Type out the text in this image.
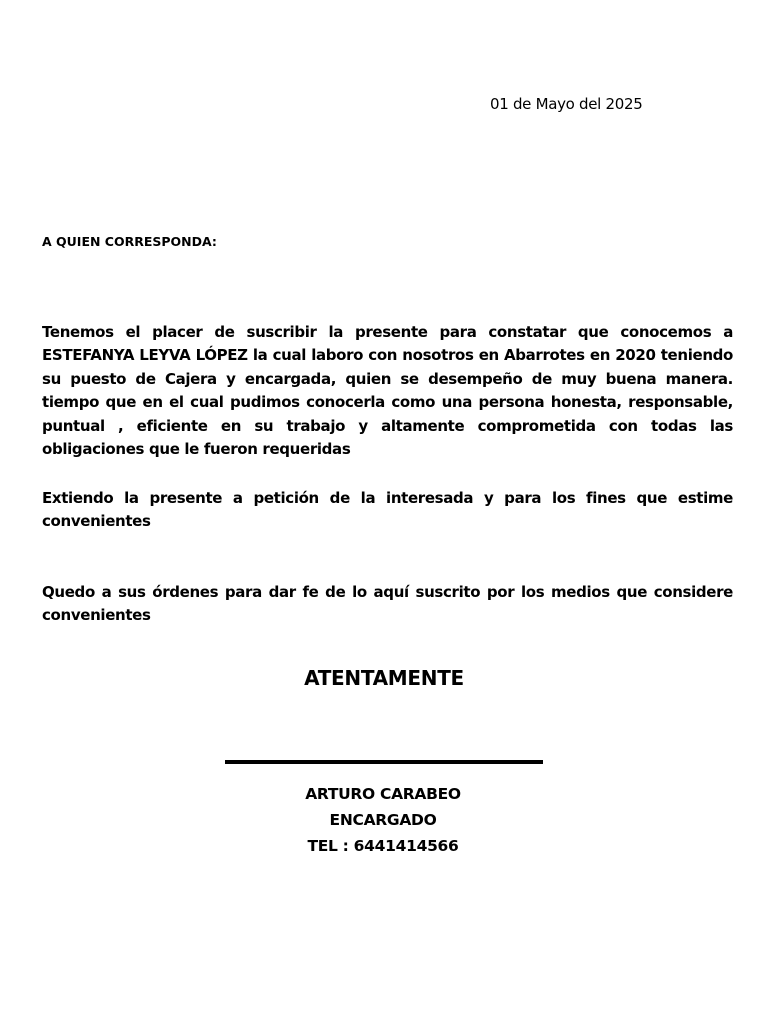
01 de Mayo del 2025
A QUIEN CORRESPONDA:

Tenemos el placer de suscribir la presente para constatar que conocemos a ESTEFANYA LEYVA LÓPEZ la cual laboro con nosotros en Abarrotes en 2020 teniendo su puesto de Cajera y encargada, quien se desempeño de muy buena manera. tiempo que en el cual pudimos conocerla como una persona honesta, responsable, puntual , eficiente en su trabajo y altamente comprometida con todas las obligaciones que le fueron requeridas

Extiendo la presente a petición de la interesada y para los fines que estime convenientes

Quedo a sus órdenes para dar fe de lo aquí suscrito por los medios que considere convenientes

ATENTAMENTE
ARTURO CARABEO
ENCARGADO
TEL : 6441414566
